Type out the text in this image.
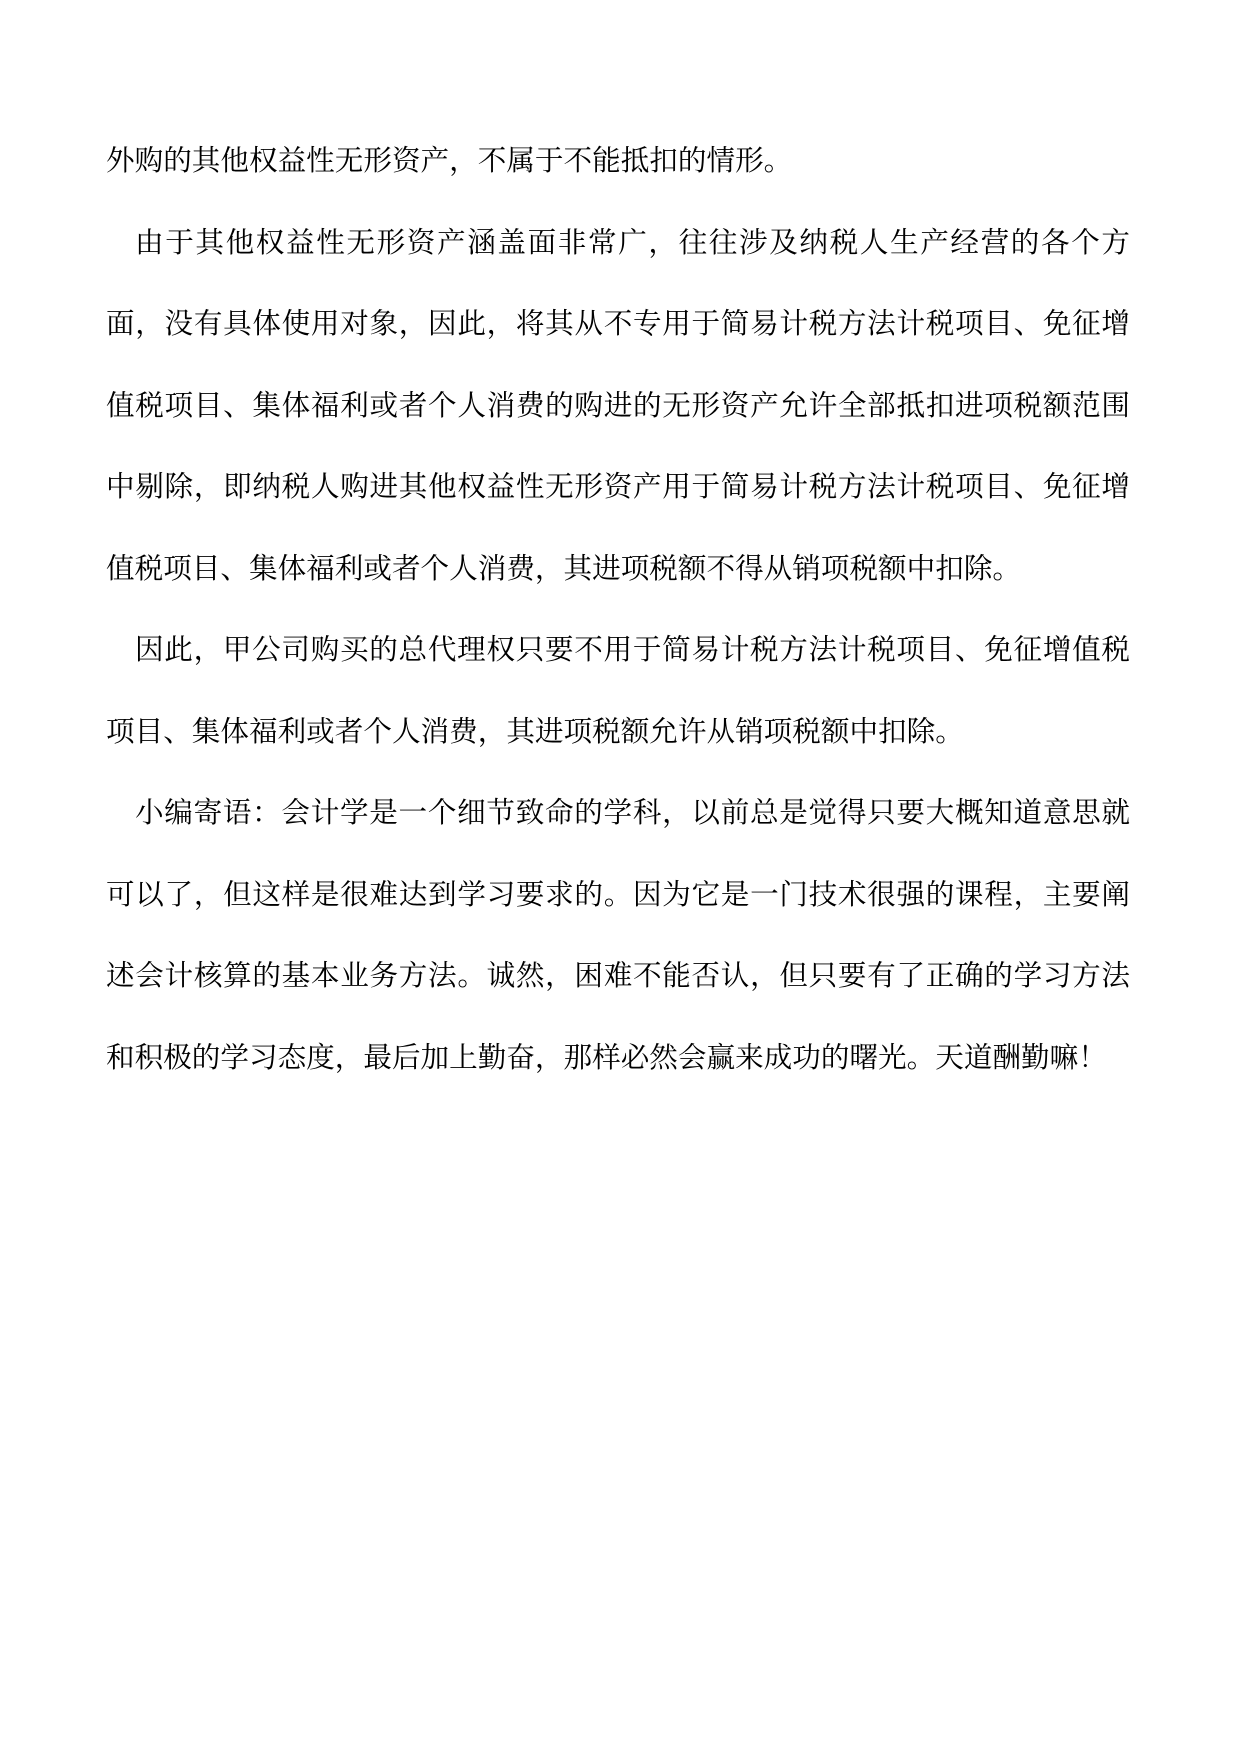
外购的其他权益性无形资产，不属于不能抵扣的情形。

由于其他权益性无形资产涵盖面非常广，往往涉及纳税人生产经营的各个方面，没有具体使用对象，因此，将其从不专用于简易计税方法计税项目、免征增值税项目、集体福利或者个人消费的购进的无形资产允许全部抵扣进项税额范围中剔除，即纳税人购进其他权益性无形资产用于简易计税方法计税项目、免征增值税项目、集体福利或者个人消费，其进项税额不得从销项税额中扣除。

因此，甲公司购买的总代理权只要不用于简易计税方法计税项目、免征增值税项目、集体福利或者个人消费，其进项税额允许从销项税额中扣除。

小编寄语：会计学是一个细节致命的学科，以前总是觉得只要大概知道意思就可以了，但这样是很难达到学习要求的。因为它是一门技术很强的课程，主要阐述会计核算的基本业务方法。诚然，困难不能否认，但只要有了正确的学习方法和积极的学习态度，最后加上勤奋，那样必然会赢来成功的曙光。天道酬勤嘛！
